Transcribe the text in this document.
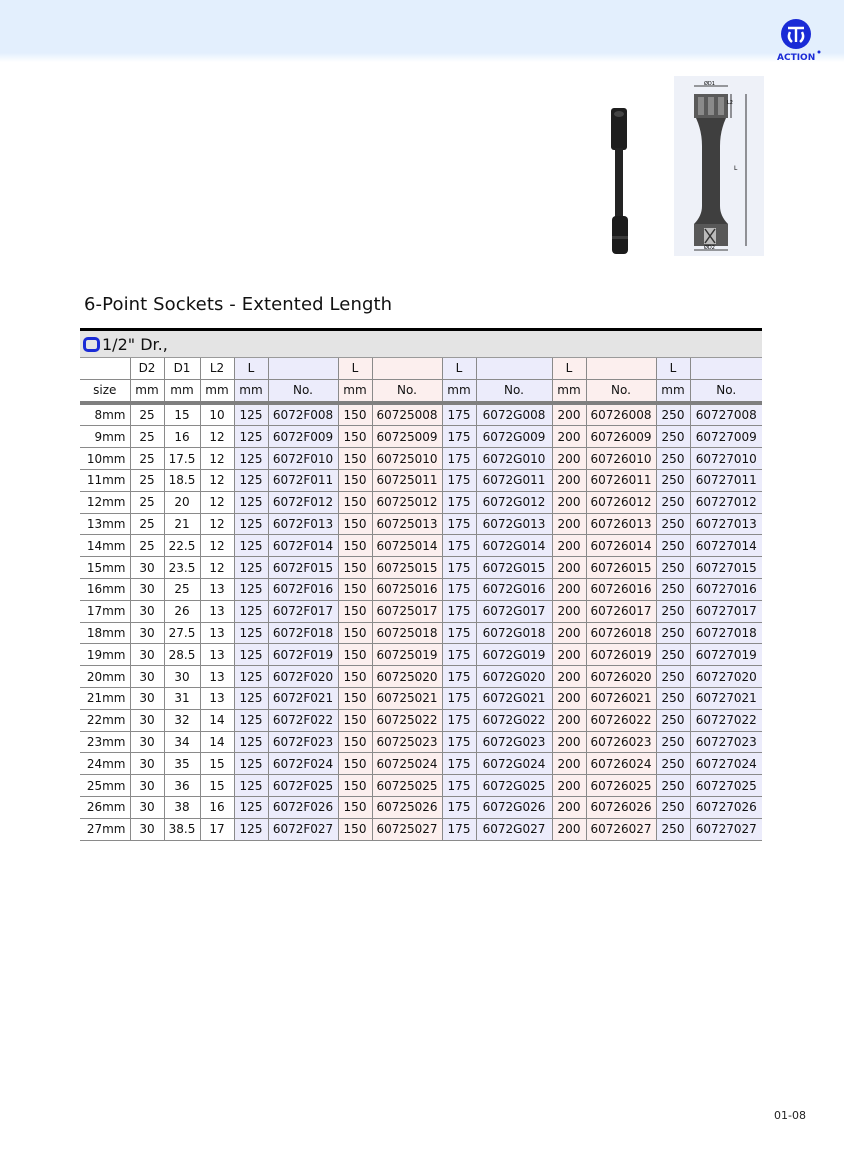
ACTION
ØD1
L2
L
ØD2
6-Point Sockets - Extented Length
1/2" Dr.,
	D2	D1	L2	L		L		L		L		L	
size	mm	mm	mm	mm	No.	mm	No.	mm	No.	mm	No.	mm	No.
8mm	25	15	10	125	6072F008	150	60725008	175	6072G008	200	60726008	250	60727008
9mm	25	16	12	125	6072F009	150	60725009	175	6072G009	200	60726009	250	60727009
10mm	25	17.5	12	125	6072F010	150	60725010	175	6072G010	200	60726010	250	60727010
11mm	25	18.5	12	125	6072F011	150	60725011	175	6072G011	200	60726011	250	60727011
12mm	25	20	12	125	6072F012	150	60725012	175	6072G012	200	60726012	250	60727012
13mm	25	21	12	125	6072F013	150	60725013	175	6072G013	200	60726013	250	60727013
14mm	25	22.5	12	125	6072F014	150	60725014	175	6072G014	200	60726014	250	60727014
15mm	30	23.5	12	125	6072F015	150	60725015	175	6072G015	200	60726015	250	60727015
16mm	30	25	13	125	6072F016	150	60725016	175	6072G016	200	60726016	250	60727016
17mm	30	26	13	125	6072F017	150	60725017	175	6072G017	200	60726017	250	60727017
18mm	30	27.5	13	125	6072F018	150	60725018	175	6072G018	200	60726018	250	60727018
19mm	30	28.5	13	125	6072F019	150	60725019	175	6072G019	200	60726019	250	60727019
20mm	30	30	13	125	6072F020	150	60725020	175	6072G020	200	60726020	250	60727020
21mm	30	31	13	125	6072F021	150	60725021	175	6072G021	200	60726021	250	60727021
22mm	30	32	14	125	6072F022	150	60725022	175	6072G022	200	60726022	250	60727022
23mm	30	34	14	125	6072F023	150	60725023	175	6072G023	200	60726023	250	60727023
24mm	30	35	15	125	6072F024	150	60725024	175	6072G024	200	60726024	250	60727024
25mm	30	36	15	125	6072F025	150	60725025	175	6072G025	200	60726025	250	60727025
26mm	30	38	16	125	6072F026	150	60725026	175	6072G026	200	60726026	250	60727026
27mm	30	38.5	17	125	6072F027	150	60725027	175	6072G027	200	60726027	250	60727027
01-08
